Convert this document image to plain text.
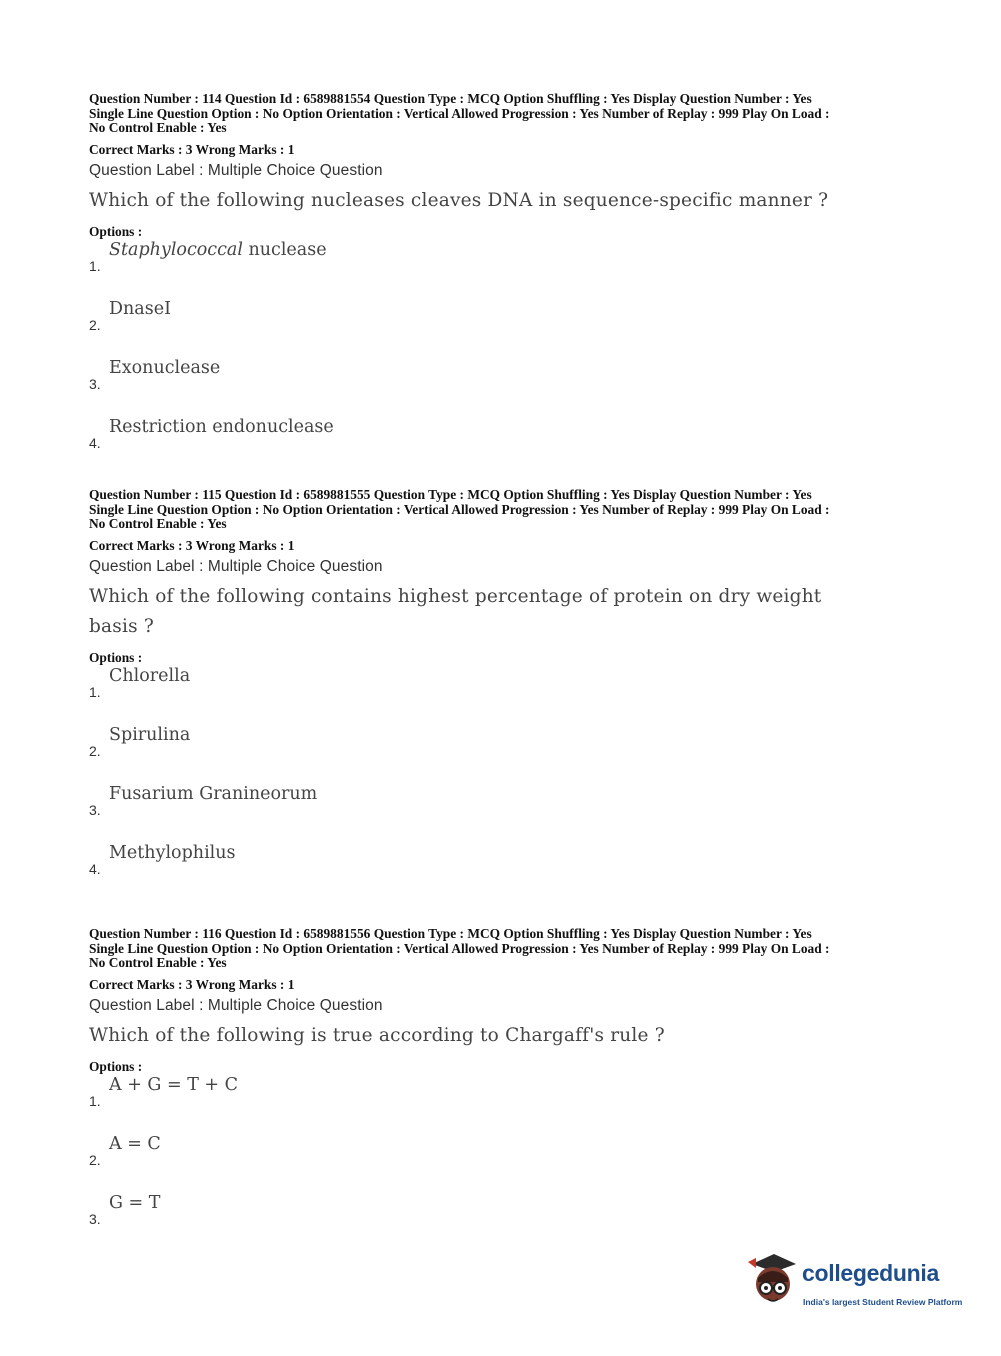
Question Number : 114 Question Id : 6589881554 Question Type : MCQ Option Shuffling : Yes Display Question Number : Yes
Single Line Question Option : No Option Orientation : Vertical Allowed Progression : Yes Number of Replay : 999 Play On Load :
No Control Enable : Yes
Correct Marks : 3 Wrong Marks : 1
Question Label : Multiple Choice Question
Which of the following nucleases cleaves DNA in sequence-specific manner ?
Options :
1.
Staphylococcal nuclease
2.
DnaseI
3.
Exonuclease
4.
Restriction endonuclease
Question Number : 115 Question Id : 6589881555 Question Type : MCQ Option Shuffling : Yes Display Question Number : Yes
Single Line Question Option : No Option Orientation : Vertical Allowed Progression : Yes Number of Replay : 999 Play On Load :
No Control Enable : Yes
Correct Marks : 3 Wrong Marks : 1
Question Label : Multiple Choice Question
Which of the following contains highest percentage of protein on dry weight
basis ?
Options :
1.
Chlorella
2.
Spirulina
3.
Fusarium Granineorum
4.
Methylophilus
Question Number : 116 Question Id : 6589881556 Question Type : MCQ Option Shuffling : Yes Display Question Number : Yes
Single Line Question Option : No Option Orientation : Vertical Allowed Progression : Yes Number of Replay : 999 Play On Load :
No Control Enable : Yes
Correct Marks : 3 Wrong Marks : 1
Question Label : Multiple Choice Question
Which of the following is true according to Chargaff's rule ?
Options :
1.
A + G = T + C
2.
A = C
3.
G = T
collegedunia
India's largest Student Review Platform
